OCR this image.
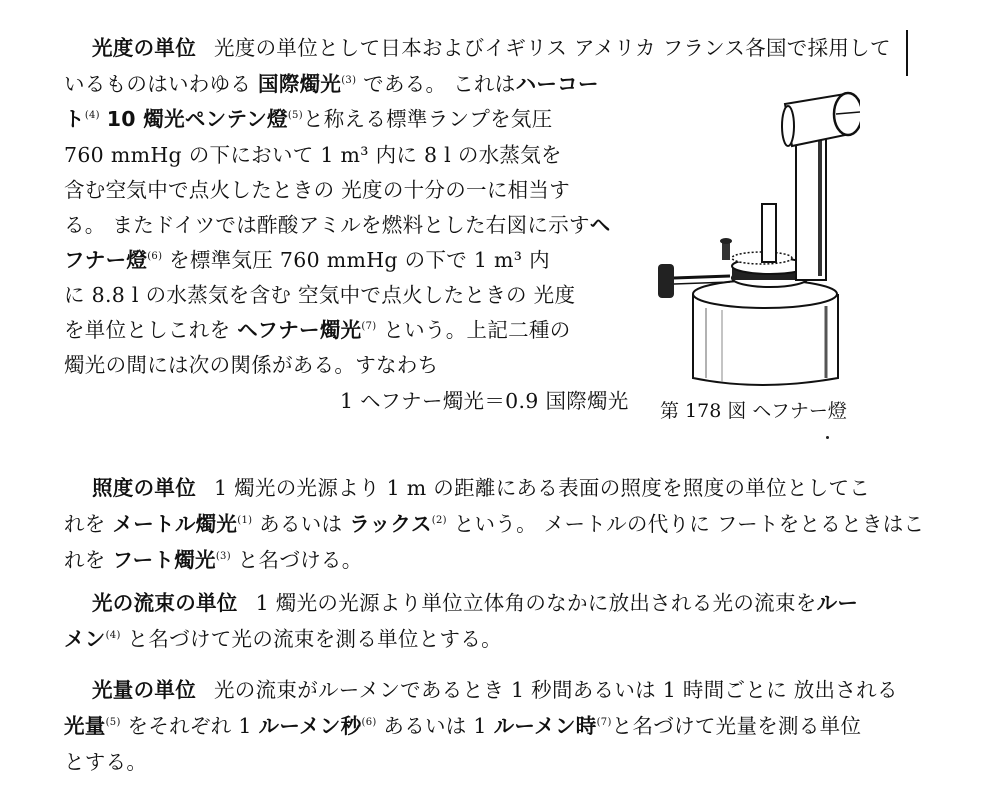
光度の単位 光度の単位として日本およびイギリス アメリカ フランス各国で採用して
いるものはいわゆる 国際燭光$^{(3)}$ である。 これはハーコー
ト$^{(4)}$ 10 燭光ペンテン燈$^{(5)}$と称える標準ランプを気圧
760 mmHg の下において 1 m³ 内に 8 l の水蒸気を
含む空気中で点火したときの 光度の十分の一に相当す
る。 またドイツでは酢酸アミルを燃料とした右図に示すヘ
フナー燈$^{(6)}$ を標準気圧 760 mmHg の下で 1 m³ 内
に 8.8 l の水蒸気を含む 空気中で点火したときの 光度
を単位としこれを ヘフナー燭光$^{(7)}$ という。上記二種の
燭光の間には次の関係がある。すなわち
1 ヘフナー燭光＝0.9 国際燭光 第 178 図 ヘフナー燈
照度の単位 1 燭光の光源より 1 m の距離にある表面の照度を照度の単位としてこ
れを メートル燭光$^{(1)}$ あるいは ラックス$^{(2)}$ という。 メートルの代りに フートをとるときはこ
れを フート燭光$^{(3)}$ と名づける。
光の流束の単位 1 燭光の光源より単位立体角のなかに放出される光の流束をルー
メン$^{(4)}$ と名づけて光の流束を測る単位とする。
光量の単位 光の流束がルーメンであるとき 1 秒間あるいは 1 時間ごとに 放出される
光量$^{(5)}$ をそれぞれ 1 ルーメン秒$^{(6)}$ あるいは 1 ルーメン時$^{(7)}$と名づけて光量を測る単位
とする。
